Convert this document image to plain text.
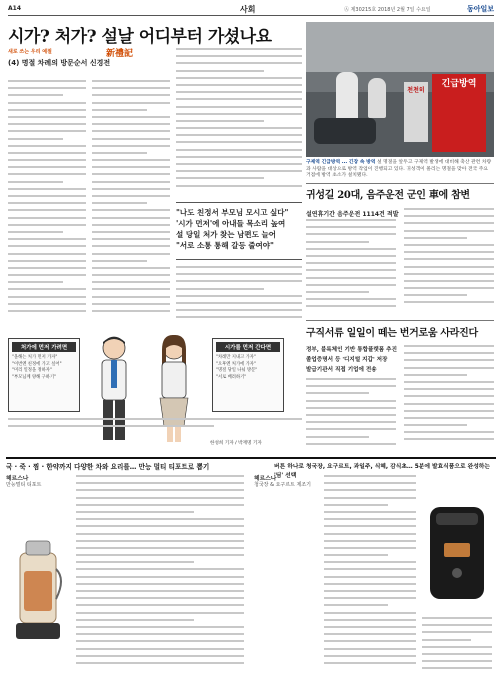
A14	사회	Ⓐ 제30215호 2018년 2월 7일 수요일	동아일보
시가? 처가? 설날 어디부터 가셨나요
새로 쓰는 우리 예절	新禮記
(4) 명절 차례의 방문순서 신경전
"나도 친정서 부모님 모시고 싶다"
'시가 먼저'에 아내들 목소리 높여
설 당일 처가 찾는 남편도 늘어
"서로 소통 통해 갈등 줄여야"
처가에 먼저 가려면
"올해는 처가 먼저 가자"
"이번엔 친정에 가고 싶어"
"미리 일정을 정하자"
"부모님께 양해 구하기"
시가를 먼저 간다면
"차례만 지내고 가자"
"오후엔 처가에 가자"
"명절 당일 나눠 방문"
"서로 배려하기"
한성희 기자 / 박재명 기자
천천히
긴급방역
구제역 긴급방역 ... 긴장 속 방역 설 명절을 앞두고 구제역 발생에 대비해 축산 관련 차량과 사람을 대상으로 방역 작업이 진행되고 있다. 귀성객이 몰리는 명절을 맞아 전국 주요 거점에 방역 초소가 설치됐다.
귀성길 20대, 음주운전 군인 車에 참변
설연휴기간 음주운전 1114건 적발
구직서류 일일이 떼는 번거로움 사라진다
정부, 블록체인 기반 통합플랫폼 추진
졸업증명서 등 '디지털 지갑' 저장
발급기관서 직접 기업에 전송
국 · 죽 · 찜 · 한약까지 다양한 차와 요리를… 만능 멀티 티포트로 뽑기	버튼 하나로 청국장, 요구르트, 과일주, 식혜, 감식초… 5분에 발효식품으로 완성하는 '딤' 선택
헤르스나
만능멀티 티포트
헤르스나
청국장 & 요구르트 제조기
